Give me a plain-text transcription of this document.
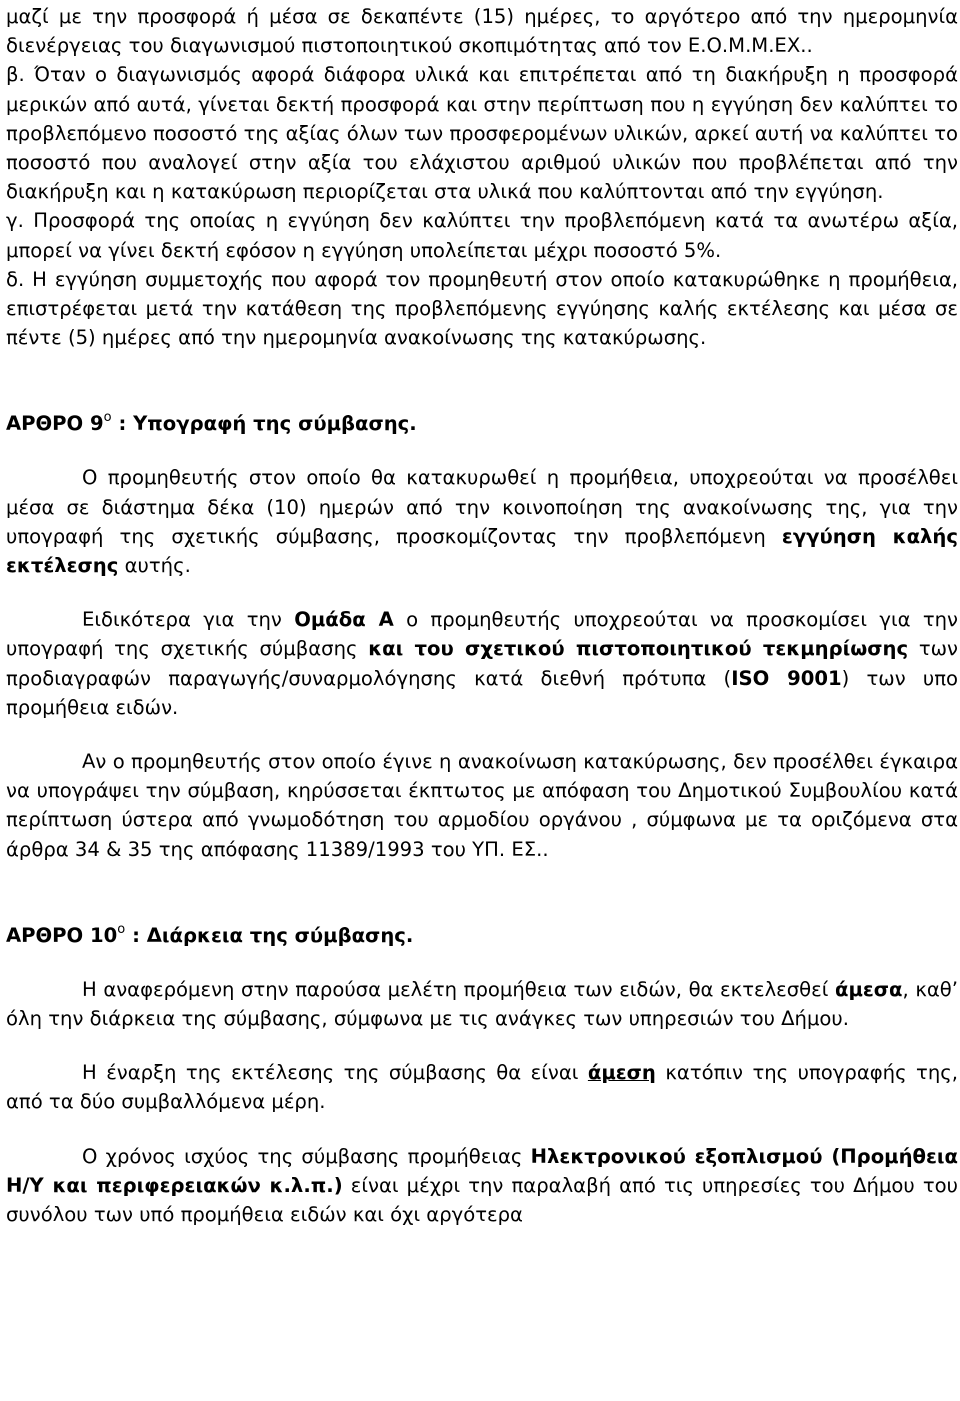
μαζί με την προσφορά ή μέσα σε δεκαπέντε (15) ημέρες, το αργότερο από την ημερομηνία διενέργειας του διαγωνισμού πιστοποιητικού σκοπιμότητας από τον Ε.Ο.Μ.Μ.ΕΧ..

β. Όταν ο διαγωνισμός αφορά διάφορα υλικά και επιτρέπεται από τη διακήρυξη η προσφορά μερικών από αυτά, γίνεται δεκτή προσφορά και στην περίπτωση που η εγγύηση δεν καλύπτει το προβλεπόμενο ποσοστό της αξίας όλων των προσφερομένων υλικών, αρκεί αυτή να καλύπτει το ποσοστό που αναλογεί στην αξία του ελάχιστου αριθμού υλικών που προβλέπεται από την διακήρυξη και η κατακύρωση περιορίζεται στα υλικά που καλύπτονται από την εγγύηση.

γ. Προσφορά της οποίας η εγγύηση δεν καλύπτει την προβλεπόμενη κατά τα ανωτέρω αξία, μπορεί να γίνει δεκτή εφόσον η εγγύηση υπολείπεται μέχρι ποσοστό 5%.

δ. Η εγγύηση συμμετοχής που αφορά τον προμηθευτή στον οποίο κατακυρώθηκε η προμήθεια, επιστρέφεται μετά την κατάθεση της προβλεπόμενης εγγύησης καλής εκτέλεσης και μέσα σε πέντε (5) ημέρες από την ημερομηνία ανακοίνωσης της κατακύρωσης.

ΑΡΘΡΟ $9^o$ : Υπογραφή της σύμβασης.

Ο προμηθευτής στον οποίο θα κατακυρωθεί η προμήθεια, υποχρεούται να προσέλθει μέσα σε διάστημα δέκα (10) ημερών από την κοινοποίηση της ανακοίνωσης της, για την υπογραφή της σχετικής σύμβασης, προσκομίζοντας την προβλεπόμενη εγγύηση καλής εκτέλεσης αυτής.

Ειδικότερα για την Ομάδα Α ο προμηθευτής υποχρεούται να προσκομίσει για την υπογραφή της σχετικής σύμβασης και του σχετικού πιστοποιητικού τεκμηρίωσης των προδιαγραφών παραγωγής/συναρμολόγησης κατά διεθνή πρότυπα (ISO 9001) των υπο προμήθεια ειδών.

Αν ο προμηθευτής στον οποίο έγινε η ανακοίνωση κατακύρωσης, δεν προσέλθει έγκαιρα να υπογράψει την σύμβαση, κηρύσσεται έκπτωτος με απόφαση του Δημοτικού Συμβουλίου κατά περίπτωση ύστερα από γνωμοδότηση του αρμοδίου οργάνου , σύμφωνα με τα οριζόμενα στα άρθρα 34 & 35 της απόφασης 11389/1993 του ΥΠ. ΕΣ..

ΑΡΘΡΟ $10^o$ : Διάρκεια της σύμβασης.

Η αναφερόμενη στην παρούσα μελέτη προμήθεια των ειδών, θα εκτελεσθεί άμεσα, καθ’ όλη την διάρκεια της σύμβασης, σύμφωνα με τις ανάγκες των υπηρεσιών του Δήμου.

Η έναρξη της εκτέλεσης της σύμβασης θα είναι άμεση κατόπιν της υπογραφής της, από τα δύο συμβαλλόμενα μέρη.

Ο χρόνος ισχύος της σύμβασης προμήθειας Ηλεκτρονικού εξοπλισμού (Προμήθεια Η/Υ και περιφερειακών κ.λ.π.) είναι μέχρι την παραλαβή από τις υπηρεσίες του Δήμου του συνόλου των υπό προμήθεια ειδών και όχι αργότερα
